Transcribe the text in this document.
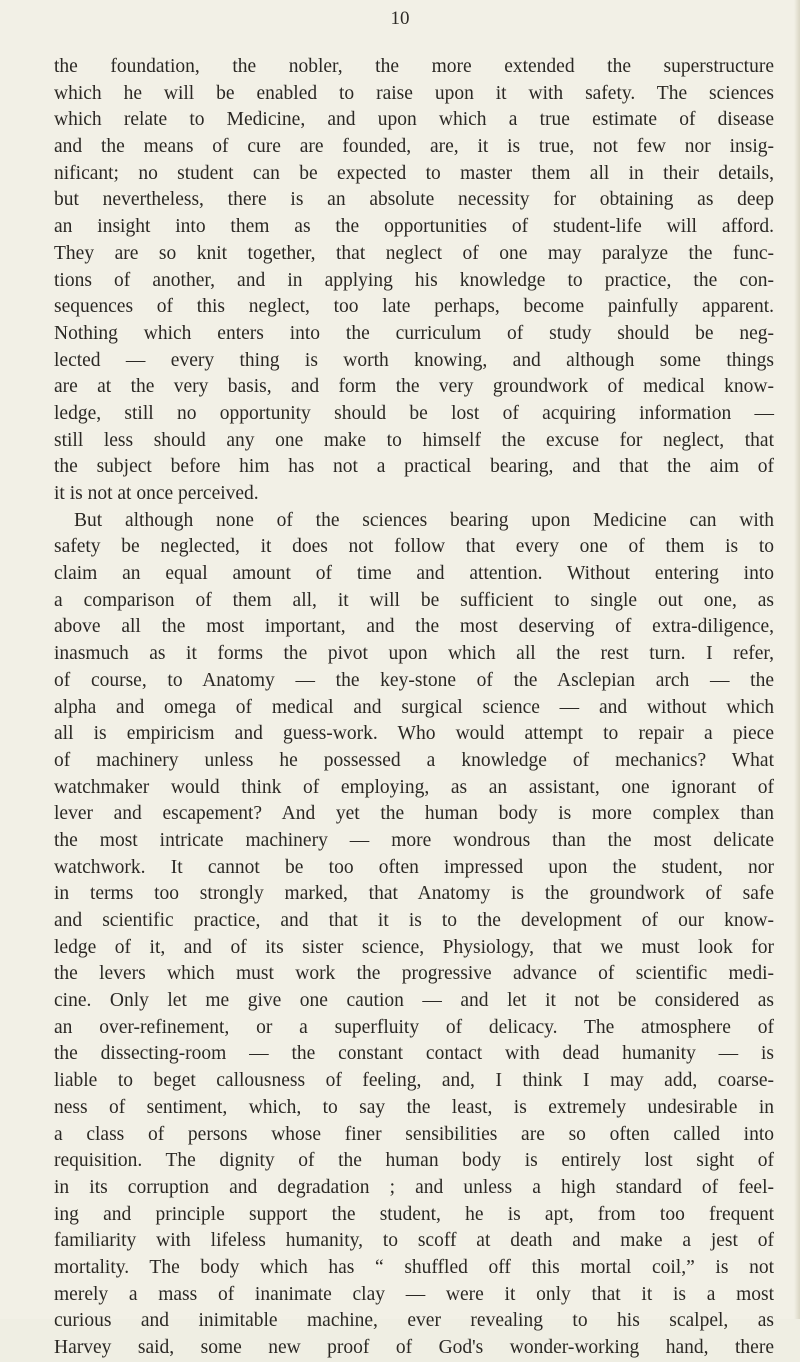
10
the foundation, the nobler, the more extended the superstructure
which he will be enabled to raise upon it with safety. The sciences
which relate to Medicine, and upon which a true estimate of disease
and the means of cure are founded, are, it is true, not few nor insig-
nificant; no student can be expected to master them all in their details,
but nevertheless, there is an absolute necessity for obtaining as deep
an insight into them as the opportunities of student-life will afford.
They are so knit together, that neglect of one may paralyze the func-
tions of another, and in applying his knowledge to practice, the con-
sequences of this neglect, too late perhaps, become painfully apparent.
Nothing which enters into the curriculum of study should be neg-
lected — every thing is worth knowing, and although some things
are at the very basis, and form the very groundwork of medical know-
ledge, still no opportunity should be lost of acquiring information —
still less should any one make to himself the excuse for neglect, that
the subject before him has not a practical bearing, and that the aim of
it is not at once perceived.
But although none of the sciences bearing upon Medicine can with
safety be neglected, it does not follow that every one of them is to
claim an equal amount of time and attention. Without entering into
a comparison of them all, it will be sufficient to single out one, as
above all the most important, and the most deserving of extra-diligence,
inasmuch as it forms the pivot upon which all the rest turn. I refer,
of course, to Anatomy — the key-stone of the Asclepian arch — the
alpha and omega of medical and surgical science — and without which
all is empiricism and guess-work. Who would attempt to repair a piece
of machinery unless he possessed a knowledge of mechanics? What
watchmaker would think of employing, as an assistant, one ignorant of
lever and escapement? And yet the human body is more complex than
the most intricate machinery — more wondrous than the most delicate
watchwork. It cannot be too often impressed upon the student, nor
in terms too strongly marked, that Anatomy is the groundwork of safe
and scientific practice, and that it is to the development of our know-
ledge of it, and of its sister science, Physiology, that we must look for
the levers which must work the progressive advance of scientific medi-
cine. Only let me give one caution — and let it not be considered as
an over-refinement, or a superfluity of delicacy. The atmosphere of
the dissecting-room — the constant contact with dead humanity — is
liable to beget callousness of feeling, and, I think I may add, coarse-
ness of sentiment, which, to say the least, is extremely undesirable in
a class of persons whose finer sensibilities are so often called into
requisition. The dignity of the human body is entirely lost sight of
in its corruption and degradation ; and unless a high standard of feel-
ing and principle support the student, he is apt, from too frequent
familiarity with lifeless humanity, to scoff at death and make a jest of
mortality. The body which has “ shuffled off this mortal coil,” is not
merely a mass of inanimate clay — were it only that it is a most
curious and inimitable machine, ever revealing to his scalpel, as
Harvey said, some new proof of God's wonder-working hand, there
